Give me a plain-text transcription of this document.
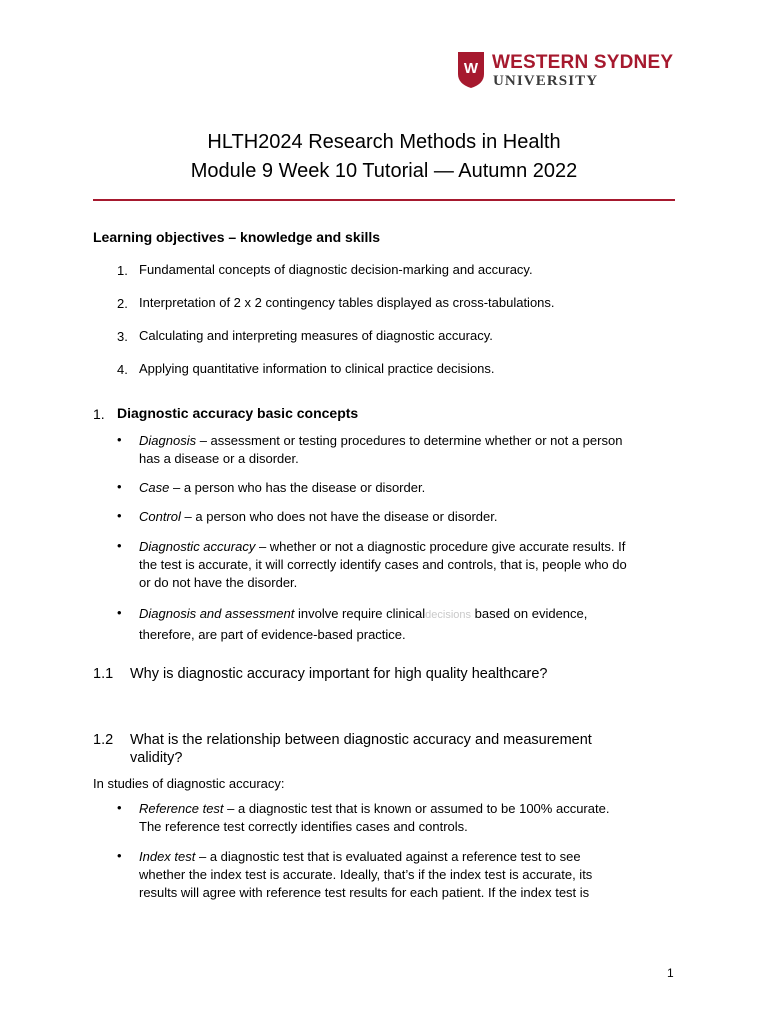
W WESTERN SYDNEY
UNIVERSITY
HLTH2024 Research Methods in Health
Module 9 Week 10 Tutorial — Autumn 2022
Learning objectives – knowledge and skills
1. Fundamental concepts of diagnostic decision-marking and accuracy.
2. Interpretation of 2 x 2 contingency tables displayed as cross-tabulations.
3. Calculating and interpreting measures of diagnostic accuracy.
4. Applying quantitative information to clinical practice decisions.
1. Diagnostic accuracy basic concepts
• Diagnosis – assessment or testing procedures to determine whether or not a person
has a disease or a disorder.
• Case – a person who has the disease or disorder.
• Control – a person who does not have the disease or disorder.
• Diagnostic accuracy – whether or not a diagnostic procedure give accurate results. If
the test is accurate, it will correctly identify cases and controls, that is, people who do
or do not have the disorder.
• Diagnosis and assessment involve require clinicaldecisions based on evidence,
therefore, are part of evidence-based practice.
1.1 Why is diagnostic accuracy important for high quality healthcare?
1.2 What is the relationship between diagnostic accuracy and measurement
validity?
In studies of diagnostic accuracy:
• Reference test – a diagnostic test that is known or assumed to be 100% accurate.
The reference test correctly identifies cases and controls.
• Index test – a diagnostic test that is evaluated against a reference test to see
whether the index test is accurate. Ideally, that’s if the index test is accurate, its
results will agree with reference test results for each patient. If the index test is
1
